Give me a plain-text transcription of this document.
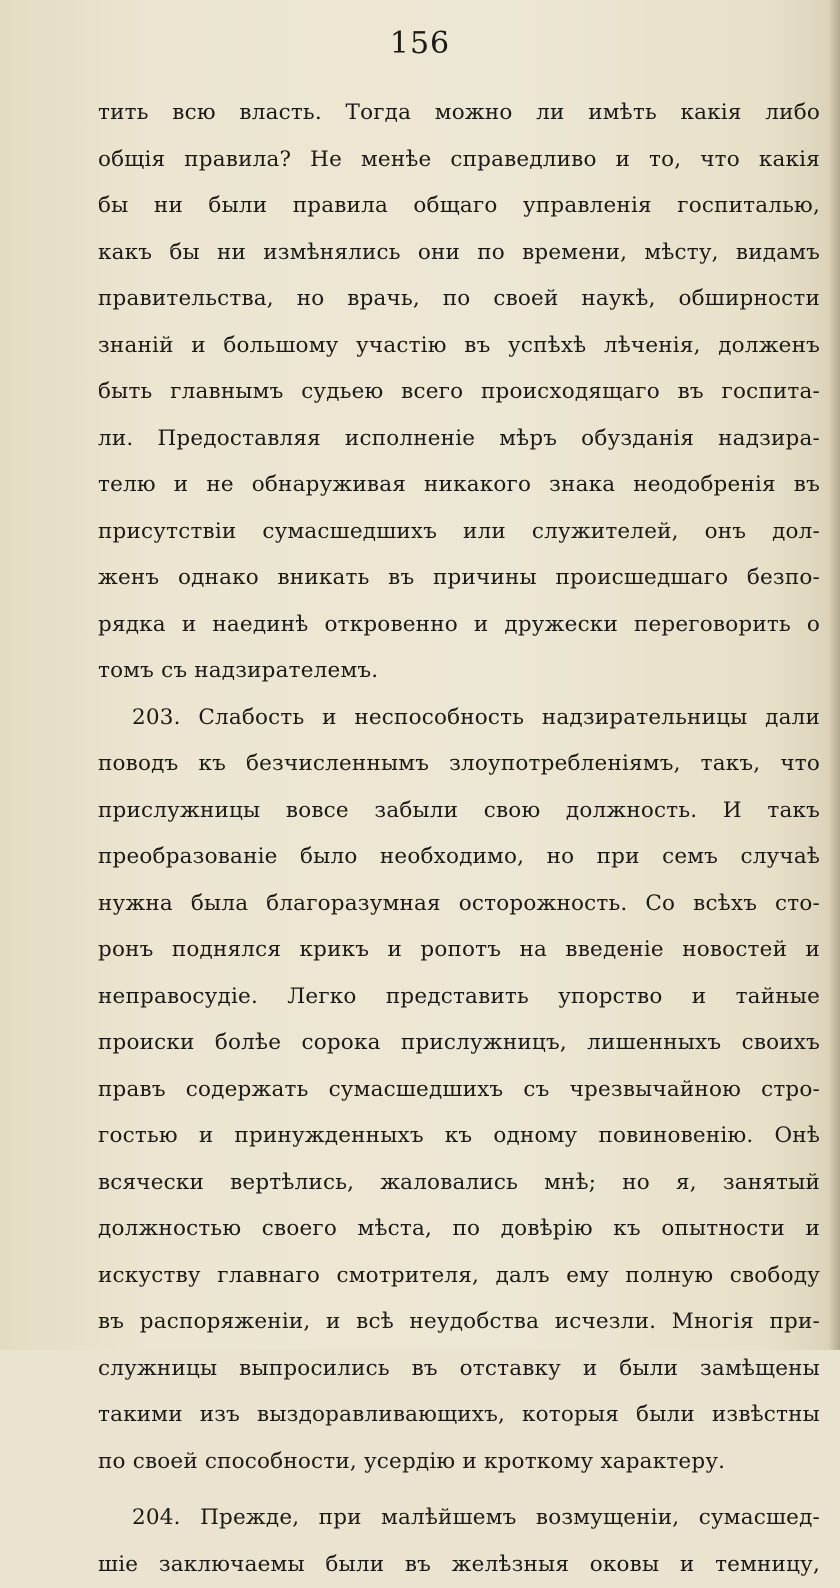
156
тить всю власть. Тогда можно ли имѣть какія либо
общія правила? Не менѣе справедливо и то, что какія
бы ни были правила общаго управленія госпиталью,
какъ бы ни измѣнялись они по времени, мѣсту, видамъ
правительства, но врачь, по своей наукѣ, обширности
знаній и большому участію въ успѣхѣ лѣченія, долженъ
быть главнымъ судьею всего происходящаго въ госпита-
ли. Предоставляя исполненіе мѣръ обузданія надзира-
телю и не обнаруживая никакого знака неодобренія въ
присутствіи сумасшедшихъ или служителей, онъ дол-
женъ однако вникать въ причины происшедшаго безпо-
рядка и наединѣ откровенно и дружески переговорить о
томъ съ надзирателемъ.
203. Слабость и неспособность надзирательницы дали
поводъ къ безчисленнымъ злоупотребленіямъ, такъ, что
прислужницы вовсе забыли свою должность. И такъ
преобразованіе было необходимо, но при семъ случаѣ
нужна была благоразумная осторожность. Со всѣхъ сто-
ронъ поднялся крикъ и ропотъ на введеніе новостей и
неправосудіе. Легко представить упорство и тайные
происки болѣе сорока прислужницъ, лишенныхъ своихъ
правъ содержать сумасшедшихъ съ чрезвычайною стро-
гостью и принужденныхъ къ одному повиновенію. Онѣ
всячески вертѣлись, жаловались мнѣ; но я, занятый
должностью своего мѣста, по довѣрію къ опытности и
искуству главнаго смотрителя, далъ ему полную свободу
въ распоряженіи, и всѣ неудобства исчезли. Многія при-
служницы выпросились въ отставку и были замѣщены
такими изъ выздоравливающихъ, которыя были извѣстны
по своей способности, усердію и кроткому характеру.
204. Прежде, при малѣйшемъ возмущеніи, сумасшед-
шіе заключаемы были въ желѣзныя оковы и темницу,
